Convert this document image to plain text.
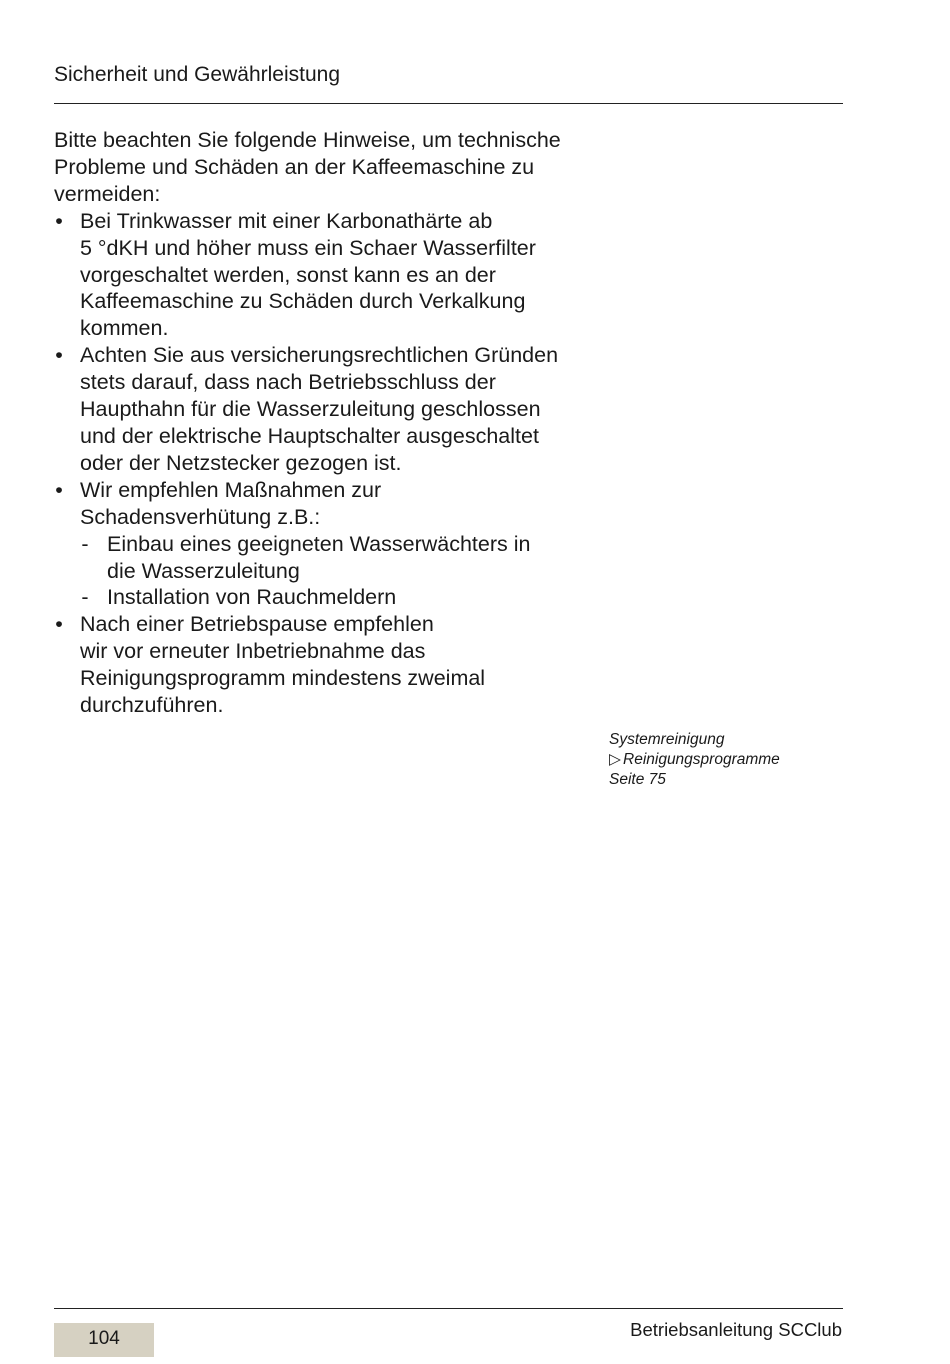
Sicherheit und Gewährleistung

Bitte beachten Sie folgende Hinweise, um technische
Probleme und Schäden an der Kaffeemaschine zu
vermeiden:

• Bei Trinkwasser mit einer Karbonathärte ab
5 °dKH und höher muss ein Schaer Wasserfilter
vorgeschaltet werden, sonst kann es an der
Kaffeemaschine zu Schäden durch Verkalkung
kommen.
• Achten Sie aus versicherungsrechtlichen Gründen
stets darauf, dass nach Betriebsschluss der
Haupthahn für die Wasserzuleitung geschlossen
und der elektrische Hauptschalter ausgeschaltet
oder der Netzstecker gezogen ist.
• Wir empfehlen Maßnahmen zur
Schadensverhütung z.B.:
- Einbau eines geeigneten Wasserwächters in
die Wasserzuleitung
- Installation von Rauchmeldern
• Nach einer Betriebspause empfehlen
wir vor erneuter Inbetriebnahme das
Reinigungsprogramm mindestens zweimal
durchzuführen.
Systemreinigung
▷ Reinigungsprogramme
Seite 75
104	Betriebsanleitung SCClub
